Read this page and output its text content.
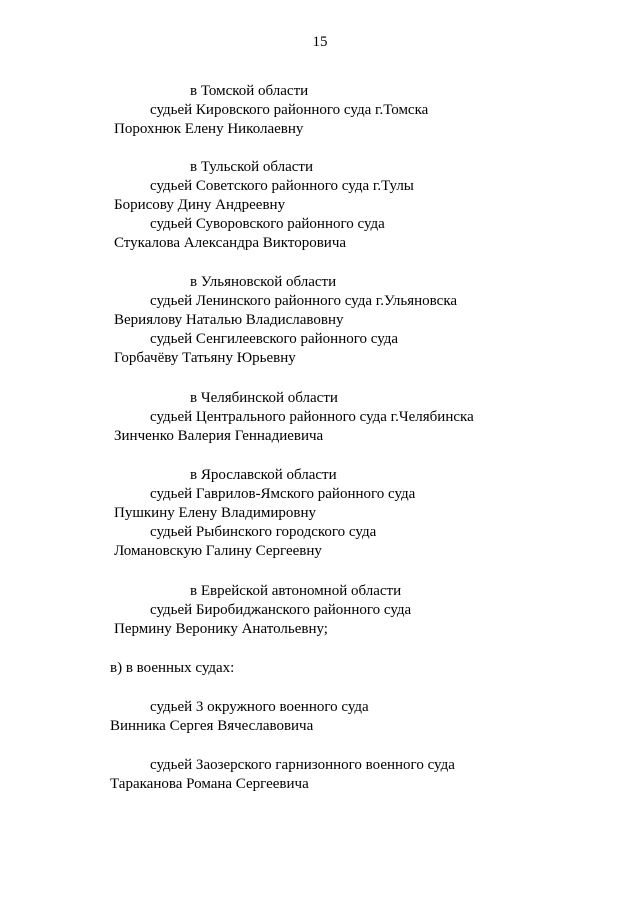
15
в Томской области
судьей Кировского районного суда г.Томска
Порохнюк Елену Николаевну
в Тульской области
судьей Советского районного суда г.Тулы
Борисову Дину Андреевну
судьей Суворовского районного суда
Стукалова Александра Викторовича
в Ульяновской области
судьей Ленинского районного суда г.Ульяновска
Вериялову Наталью Владиславовну
судьей Сенгилеевского районного суда
Горбачёву Татьяну Юрьевну
в Челябинской области
судьей Центрального районного суда г.Челябинска
Зинченко Валерия Геннадиевича
в Ярославской области
судьей Гаврилов-Ямского районного суда
Пушкину Елену Владимировну
судьей Рыбинского городского суда
Ломановскую Галину Сергеевну
в Еврейской автономной области
судьей Биробиджанского районного суда
Пермину Веронику Анатольевну;
в) в военных судах:
судьей 3 окружного военного суда
Винника Сергея Вячеславовича
судьей Заозерского гарнизонного военного суда
Тараканова Романа Сергеевича
